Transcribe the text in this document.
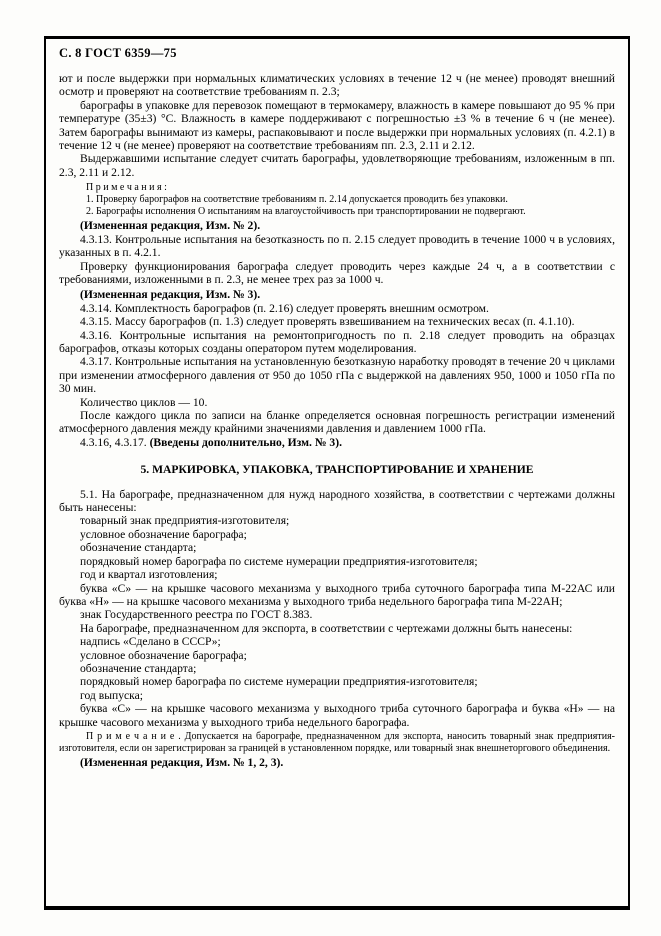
С. 8 ГОСТ 6359—75

ют и после выдержки при нормальных климатических условиях в течение 12 ч (не менее) проводят внешний осмотр и проверяют на соответствие требованиям п. 2.3;

барографы в упаковке для перевозок помещают в термокамеру, влажность в камере повышают до 95 % при температуре (35±3) °С. Влажность в камере поддерживают с погрешностью ±3 % в течение 6 ч (не менее). Затем барографы вынимают из камеры, распаковывают и после выдержки при нормальных условиях (п. 4.2.1) в течение 12 ч (не менее) проверяют на соответствие требованиям пп. 2.3, 2.11 и 2.12.

Выдержавшими испытание следует считать барографы, удовлетворяющие требованиям, изложенным в пп. 2.3, 2.11 и 2.12.

П р и м е ч а н и я :

1. Проверку барографов на соответствие требованиям п. 2.14 допускается проводить без упаковки.

2. Барографы исполнения О испытаниям на влагоустойчивость при транспортировании не подвергают.

(Измененная редакция, Изм. № 2).

4.3.13. Контрольные испытания на безотказность по п. 2.15 следует проводить в течение 1000 ч в условиях, указанных в п. 4.2.1.

Проверку функционирования барографа следует проводить через каждые 24 ч, а в соответствии с требованиями, изложенными в п. 2.3, не менее трех раз за 1000 ч.

(Измененная редакция, Изм. № 3).

4.3.14. Комплектность барографов (п. 2.16) следует проверять внешним осмотром.

4.3.15. Массу барографов (п. 1.3) следует проверять взвешиванием на технических весах (п. 4.1.10).

4.3.16. Контрольные испытания на ремонтопригодность по п. 2.18 следует проводить на образцах барографов, отказы которых созданы оператором путем моделирования.

4.3.17. Контрольные испытания на установленную безотказную наработку проводят в течение 20 ч циклами при изменении атмосферного давления от 950 до 1050 гПа с выдержкой на давлениях 950, 1000 и 1050 гПа по 30 мин.

Количество циклов — 10.

После каждого цикла по записи на бланке определяется основная погрешность регистрации изменений атмосферного давления между крайними значениями давления и давлением 1000 гПа.

4.3.16, 4.3.17. (Введены дополнительно, Изм. № 3).

5. МАРКИРОВКА, УПАКОВКА, ТРАНСПОРТИРОВАНИЕ И ХРАНЕНИЕ

5.1. На барографе, предназначенном для нужд народного хозяйства, в соответствии с чертежами должны быть нанесены:

товарный знак предприятия-изготовителя;

условное обозначение барографа;

обозначение стандарта;

порядковый номер барографа по системе нумерации предприятия-изготовителя;

год и квартал изготовления;

буква «С» — на крышке часового механизма у выходного триба суточного барографа типа М-22АС или буква «Н» — на крышке часового механизма у выходного триба недельного барографа типа М-22АН;

знак Государственного реестра по ГОСТ 8.383.

На барографе, предназначенном для экспорта, в соответствии с чертежами должны быть нанесены:

надпись «Сделано в СССР»;

условное обозначение барографа;

обозначение стандарта;

порядковый номер барографа по системе нумерации предприятия-изготовителя;

год выпуска;

буква «С» — на крышке часового механизма у выходного триба суточного барографа и буква «Н» — на крышке часового механизма у выходного триба недельного барографа.

П р и м е ч а н и е . Допускается на барографе, предназначенном для экспорта, наносить товарный знак предприятия-изготовителя, если он зарегистрирован за границей в установленном порядке, или товарный знак внешнеторгового объединения.

(Измененная редакция, Изм. № 1, 2, 3).
